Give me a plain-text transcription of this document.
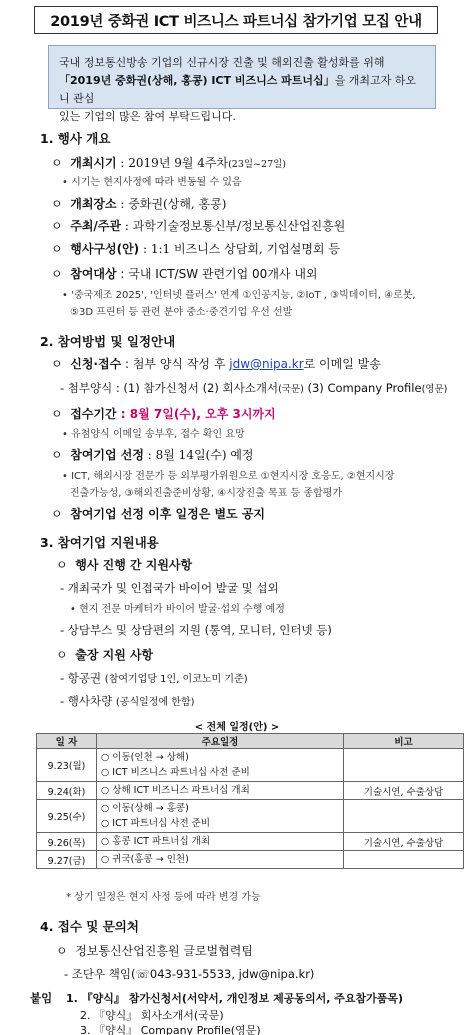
2019년 중화권 ICT 비즈니스 파트너십 참가기업 모집 안내
국내 정보통신방송 기업의 신규시장 진출 및 해외진출 활성화를 위해
「2019년 중화권(상해, 홍콩) ICT 비즈니스 파트너십」을 개최고자 하오니 관심
있는 기업의 많은 참여 부탁드립니다.
1. 행사 개요
ㅇ 개최시기 : 2019년 9월 4주차(23일~27일)
• 시기는 현지사정에 따라 변동될 수 있음
ㅇ 개최장소 : 중화권(상해, 홍콩)
ㅇ 주최/주관 : 과학기술정보통신부/정보통신산업진흥원
ㅇ 행사구성(안) : 1:1 비즈니스 상담회, 기업설명회 등
ㅇ 참여대상 : 국내 ICT/SW 관련기업 00개사 내외
• '중국제조 2025', '인터넷 플러스' 연계 ①인공지능, ②IoT , ③빅데이터, ④로봇,
⑤3D 프린터 등 관련 분야 중소·중견기업 우선 선발
2. 참여방법 및 일정안내
ㅇ 신청·접수 : 첨부 양식 작성 후 jdw@nipa.kr로 이메일 발송
- 첨부양식 : (1) 참가신청서 (2) 회사소개서(국문) (3) Company Profile(영문)
ㅇ 접수기간 : 8월 7일(수), 오후 3시까지
• 유첨양식 이메일 송부후, 접수 확인 요망
ㅇ 참여기업 선정 : 8월 14일(수) 예정
• ICT, 해외시장 전문가 등 외부평가위원으로 ①현지시장 호응도, ②현지시장
진출가능성, ③해외진출준비상황, ④시장진출 목표 등 종합평가
ㅇ 참여기업 선정 이후 일정은 별도 공지
3. 참여기업 지원내용
ㅇ 행사 진행 간 지원사항
- 개최국가 및 인접국가 바이어 발굴 및 섭외
• 현지 전문 마케터가 바이어 발굴·섭외 수행 예정
- 상담부스 및 상담편의 지원 (통역, 모니터, 인터넷 등)
ㅇ 출장 지원 사항
- 항공권 (참여기업당 1인, 이코노미 기준)
- 행사차량 (공식일정에 한함)
< 전체 일정(안) >
일 자	주요일정	비고
9.23(월)	○ 이동(인천 → 상해)
○ ICT 비즈니스 파트너십 사전 준비	

9.24(화)	○ 상해 ICT 비즈니스 파트너십 개최	기술시연, 수출상담
9.25(수)	○ 이동(상해 → 홍콩)
○ ICT 파트너십 사전 준비	

9.26(목)	○ 홍콩 ICT 파트너십 개최	기술시연, 수출상담
9.27(금)	○ 귀국(홍콩 → 인천)	

* 상기 일정은 현지 사정 등에 따라 변경 가능
4. 접수 및 문의처
ㅇ 정보통신산업진흥원 글로벌협력팀
- 조단우 책임(☏043-931-5533, jdw@nipa.kr)
붙임 1. 『양식』 참가신청서(서약서, 개인정보 제공동의서, 주요참가품목)
2. 『양식』 회사소개서(국문)
3. 『양식』 Company Profile(영문)
